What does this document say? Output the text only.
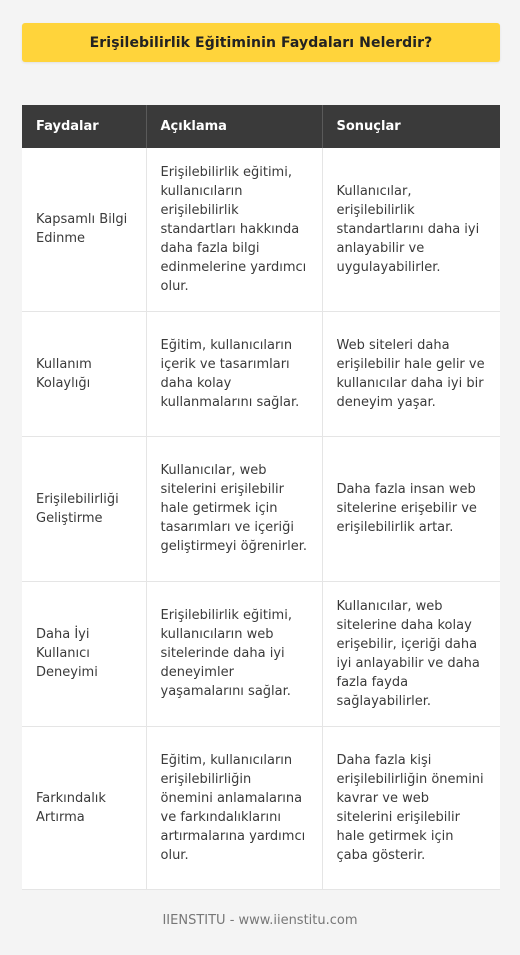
Erişilebilirlik Eğitiminin Faydaları Nelerdir?
Faydalar	Açıklama	Sonuçlar
Kapsamlı Bilgi Edinme	Erişilebilirlik eğitimi, kullanıcıların erişilebilirlik standartları hakkında daha fazla bilgi edinmelerine yardımcı olur.	Kullanıcılar, erişilebilirlik standartlarını daha iyi anlayabilir ve uygulayabilirler.
Kullanım Kolaylığı	Eğitim, kullanıcıların içerik ve tasarımları daha kolay kullanmalarını sağlar.	Web siteleri daha erişilebilir hale gelir ve kullanıcılar daha iyi bir deneyim yaşar.
Erişilebilirliği Geliştirme	Kullanıcılar, web sitelerini erişilebilir hale getirmek için tasarımları ve içeriği geliştirmeyi öğrenirler.	Daha fazla insan web sitelerine erişebilir ve erişilebilirlik artar.
Daha İyi Kullanıcı Deneyimi	Erişilebilirlik eğitimi, kullanıcıların web sitelerinde daha iyi deneyimler yaşamalarını sağlar.	Kullanıcılar, web sitelerine daha kolay erişebilir, içeriği daha iyi anlayabilir ve daha fazla fayda sağlayabilirler.
Farkındalık Artırma	Eğitim, kullanıcıların erişilebilirliğin önemini anlamalarına ve farkındalıklarını artırmalarına yardımcı olur.	Daha fazla kişi erişilebilirliğin önemini kavrar ve web sitelerini erişilebilir hale getirmek için çaba gösterir.
IIENSTITU - www.iienstitu.com
